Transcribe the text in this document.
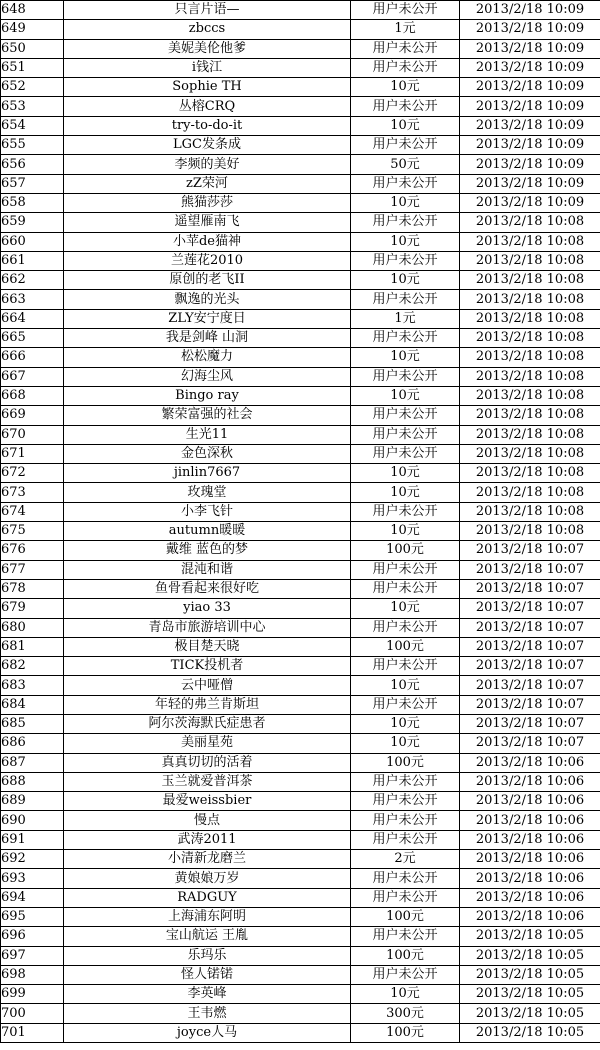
648	只言片语—	用户未公开	2013/2/18 10:09
649	zbccs	1元	2013/2/18 10:09
650	美妮美伦他爹	用户未公开	2013/2/18 10:09
651	i钱江	用户未公开	2013/2/18 10:09
652	Sophie TH	10元	2013/2/18 10:09
653	丛榕CRQ	用户未公开	2013/2/18 10:09
654	try-to-do-it	10元	2013/2/18 10:09
655	LGC发条成	用户未公开	2013/2/18 10:09
656	李频的美好	50元	2013/2/18 10:09
657	zZ荣河	用户未公开	2013/2/18 10:09
658	熊猫莎莎	10元	2013/2/18 10:09
659	遥望雁南飞	用户未公开	2013/2/18 10:08
660	小苹de猫神	10元	2013/2/18 10:08
661	兰莲花2010	用户未公开	2013/2/18 10:08
662	原创的老飞II	10元	2013/2/18 10:08
663	飘逸的光头	用户未公开	2013/2/18 10:08
664	ZLY安宁度日	1元	2013/2/18 10:08
665	我是剑峰 山洞	用户未公开	2013/2/18 10:08
666	松松魔力	10元	2013/2/18 10:08
667	幻海尘风	用户未公开	2013/2/18 10:08
668	Bingo ray	10元	2013/2/18 10:08
669	繁荣富强的社会	用户未公开	2013/2/18 10:08
670	生光11	用户未公开	2013/2/18 10:08
671	金色深秋	用户未公开	2013/2/18 10:08
672	jinlin7667	10元	2013/2/18 10:08
673	玫瑰堂	10元	2013/2/18 10:08
674	小李飞针	用户未公开	2013/2/18 10:08
675	autumn暖暖	10元	2013/2/18 10:08
676	戴维 蓝色的梦	100元	2013/2/18 10:07
677	混沌和谐	用户未公开	2013/2/18 10:07
678	鱼骨看起来很好吃	用户未公开	2013/2/18 10:07
679	yiao 33	10元	2013/2/18 10:07
680	青岛市旅游培训中心	用户未公开	2013/2/18 10:07
681	极目楚天晓	100元	2013/2/18 10:07
682	TICK投机者	用户未公开	2013/2/18 10:07
683	云中哑僧	10元	2013/2/18 10:07
684	年轻的弗兰肯斯坦	用户未公开	2013/2/18 10:07
685	阿尔茨海默氏症患者	10元	2013/2/18 10:07
686	美丽星苑	10元	2013/2/18 10:07
687	真真切切的活着	100元	2013/2/18 10:06
688	玉兰就爱普洱茶	用户未公开	2013/2/18 10:06
689	最爱weissbier	用户未公开	2013/2/18 10:06
690	慢点	用户未公开	2013/2/18 10:06
691	武涛2011	用户未公开	2013/2/18 10:06
692	小清新龙磨兰	2元	2013/2/18 10:06
693	黄娘娘万岁	用户未公开	2013/2/18 10:06
694	RADGUY	用户未公开	2013/2/18 10:06
695	上海浦东阿明	100元	2013/2/18 10:06
696	宝山航运 王胤	用户未公开	2013/2/18 10:05
697	乐玛乐	100元	2013/2/18 10:05
698	怪人锘锘	用户未公开	2013/2/18 10:05
699	李英峰	10元	2013/2/18 10:05
700	王韦燃	300元	2013/2/18 10:05
701	joyce人马	100元	2013/2/18 10:05
